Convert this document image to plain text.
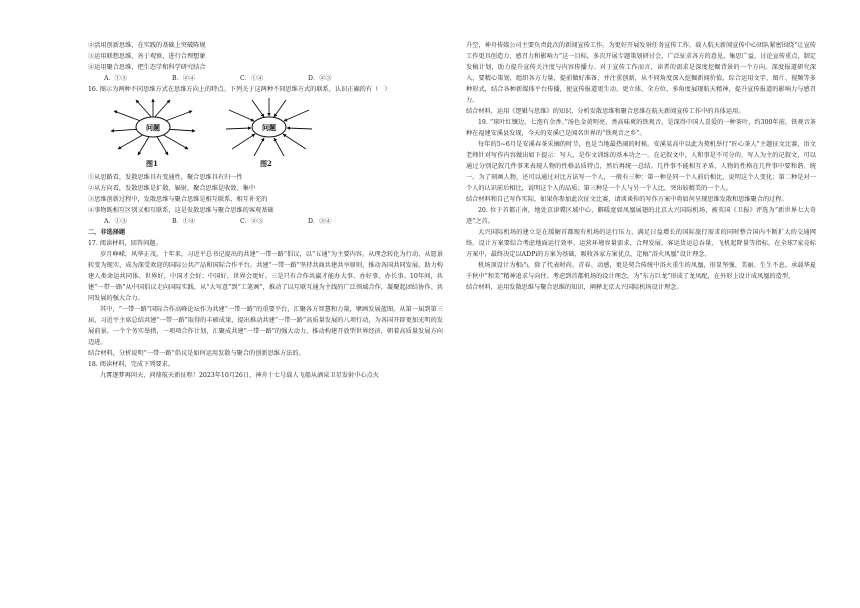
②活用创新思维，在实践的基础上突破陈规
③运用联想思维，善于观察，进行合理想象
④运用聚合思维，把生态学和科学研究结合
A．①③	B．②④	C．①④	D．②③
16. 图示为两种不同思维方式在思维方向上的特点。下列关于这两种不同思维方式的联系，认识正确的有（　）
问题
图1
问题
图2
①从思路看，发散思维具有变通性，聚合思维具有归一性
②从方向看，发散思维是扩散、辐射，聚合思维是收敛、集中
③思维创新过程中，发散思维与聚合思维是相互联系、相互补充的
④事物既相互区别又相互联系，这是发散思维与聚合思维的客观基础
A．①③	B．①④	C．②③	D．③④
二、非选择题
17. 阅读材料，回答问题。
岁月峥嵘，风华正茂。十年来，习近平总书记提出的共建“一带一路”倡议，以“五通”为主要内容，从理念转化为行动，从愿景转变为现实，成为深受欢迎的国际公共产品和国际合作平台。共建“一带一路”坚持共商共建共享原则，推动各国共同发展，助力构建人类命运共同体。世界好，中国才会好；中国好，世界会更好。三是只有合作共赢才能办大事、办好事、办长事。10年间，共建“一带一路”从中国倡议走向国际实践，从“大写意”到“工笔画”，推动了以互联互通为主线的广泛领域合作，凝聚起团结协作、共同发展的强大合力。
其中，“一带一路”国际合作高峰论坛作为共建“一带一路”的重要平台，汇聚各方智慧和力量，擘画发展蓝图。从第一届到第三届，习近平主席总结共建“一带一路”取得的丰硕成果，提出推动共建“一带一路”高质量发展的八项行动，为各国开辟更加光明的发展前景。一个个务实举措，一项项合作计划，汇聚成共建“一带一路”的强大动力，推动构建开放型世界经济，朝着高质量发展方向迈进。
结合材料，分析说明“一带一路”倡议是如何运用发散与聚合的创新思维方法的。
18. 阅读材料，完成下列要求。
九霄逐梦再问天，问鼎航天新征程！2023年10月26日，神舟十七号载人飞船从酒泉卫星发射中心点火
升空，神舟传媒公司主要负责此次的新闻宣传工作。为更好开展发射任务宣传工作，载人航天新闻宣传中心团队紧密围绕“让宣传工作更具创造力、感召力和影响力”这一目标，多次开展专题策划研讨会，广泛征求各方的意见，集思广益，讨论宣传重点，制定发稿计划，助力提升宣传关注度与内容传播力。对于宣传工作而言，读者的需求是深度挖掘背景的一个方向。深度报道研究深入，要精心策划，组织各方力量，提前做好准备，并注重创新，从不同角度深入挖掘新闻价值，综合运用文字、图片、视频等多种形式，结合各种新媒体平台传播，使宣传报道更生动、更立体，全方位、多角度展现航天精神，提升宣传报道的影响力与感召力。
结合材料，运用《逻辑与思维》的知识，分析发散思维和聚合思维在航天新闻宣传工作中的具体运用。
19. “球叶红镶边，七泡有余香。”汤色金黄明亮、香高味爽的铁观音，是深得中国人喜爱的一种茶叶，约300年前，铁观音茶种在福建安溪县发现，今天的安溪已是闻名世界的“铁观音之乡”。
每年的5~6月是安溪春茶采摘的时节，也是当地最热闹的时候。安溪某高中以此为契机举行“匠心茶人”主题征文比赛，语文老师针对写作内容做出如下提示：写人，是作文训练的基本功之一。在记叙文中，人和事是不可分的，写人为主的记叙文，可以通过分别记叙几件事来表现人物的性格品质特点，然后再统一总结。几件事不能相互矛盾，人物的性格在几件事中要和谐、统一。为了刻画人物，还可以通过对比方法写一个人，一般有三种：第一种是同一个人前后相比，说明这个人变化；第二种是对一个人的认识前后相比，说明这个人的品质；第三种是一个人与另一个人比，突出较精美的一个人。
结合材料和自己写作实际，如果你参加此次征文比赛，请谈谈你的写作方案中将如何呈现思维发散和思维聚合的过程。
20. 位于首都正南，地处京津冀区域中心，僻暖宽如凤凰展翅的北京大兴国际机场，被英国《卫报》评选为“新世界七大奇迹”之首。
大兴国际机场的建立是在缓解首都现有机场的运行压力，满足日益增长的国际旅行需求的同时整合国内不断扩大的交通网络。设计方案要综合考虑地面运行效率、运营环境容量需求、合理发展、客运货运总吞量、飞机起降量等指标，在全球7家竞标方案中，最终决定以ADPi的方案为基础，吸收各家方案优点，定稿“浴火凤凰”设计理念。
机场顶设计为相凸，除了代表时尚、青春、动感，更是契合传统中浴火重生的凤凰，形显坚强、美丽、生生不息。承载华夏千秋中“和美”精神追求与向往。考虑到首都机场的设计理念，为“东方巨龙”形成了龙凤配，在外形上设计成凤凰的造型。
结合材料，运用发散思维与聚合思维的知识，阐释北京大兴国际机场设计理念。
